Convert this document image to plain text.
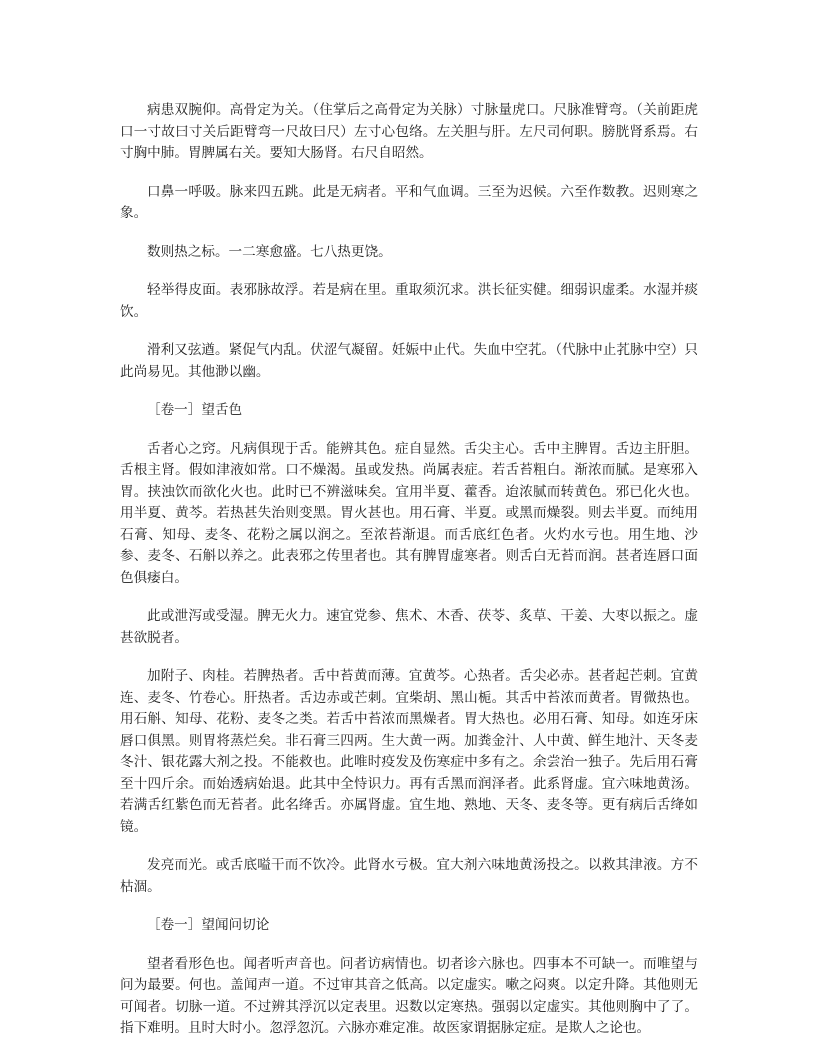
病患双腕仰。高骨定为关。（住掌后之高骨定为关脉）寸脉量虎口。尺脉准臂弯。（关前距虎口一寸故曰寸关后距臂弯一尺故曰尺）左寸心包络。左关胆与肝。左尺司何职。膀胱肾系焉。右寸胸中肺。胃脾属右关。要知大肠肾。右尺自昭然。

口鼻一呼吸。脉来四五跳。此是无病者。平和气血调。三至为迟候。六至作数教。迟则寒之象。

数则热之标。一二寒愈盛。七八热更饶。

轻举得皮面。表邪脉故浮。若是病在里。重取须沉求。洪长征实健。细弱识虚柔。水湿并痰饮。

滑利又弦遒。紧促气内乱。伏涩气凝留。妊娠中止代。失血中空芤。（代脉中止芤脉中空）只此尚易见。其他渺以幽。

［卷一］望舌色

舌者心之窍。凡病俱现于舌。能辨其色。症自显然。舌尖主心。舌中主脾胃。舌边主肝胆。舌根主肾。假如津液如常。口不燥渴。虽或发热。尚属表症。若舌苔粗白。渐浓而腻。是寒邪入胃。挟浊饮而欲化火也。此时已不辨滋味矣。宜用半夏、藿香。迨浓腻而转黄色。邪已化火也。用半夏、黄芩。若热甚失治则变黑。胃火甚也。用石膏、半夏。或黑而燥裂。则去半夏。而纯用石膏、知母、麦冬、花粉之属以润之。至浓苔渐退。而舌底红色者。火灼水亏也。用生地、沙参、麦冬、石斛以养之。此表邪之传里者也。其有脾胃虚寒者。则舌白无苔而润。甚者连唇口面色俱痿白。

此或泄泻或受湿。脾无火力。速宜党参、焦术、木香、茯苓、炙草、干姜、大枣以振之。虚甚欲脱者。

加附子、肉桂。若脾热者。舌中苔黄而薄。宜黄芩。心热者。舌尖必赤。甚者起芒刺。宜黄连、麦冬、竹卷心。肝热者。舌边赤或芒刺。宜柴胡、黑山栀。其舌中苔浓而黄者。胃微热也。用石斛、知母、花粉、麦冬之类。若舌中苔浓而黑燥者。胃大热也。必用石膏、知母。如连牙床唇口俱黑。则胃将蒸烂矣。非石膏三四两。生大黄一两。加粪金汁、人中黄、鲜生地汁、天冬麦冬汁、银花露大剂之投。不能救也。此唯时疫发及伤寒症中多有之。余尝治一独子。先后用石膏至十四斤余。而始透病始退。此其中全恃识力。再有舌黑而润泽者。此系肾虚。宜六味地黄汤。若满舌红紫色而无苔者。此名绛舌。亦属肾虚。宜生地、熟地、天冬、麦冬等。更有病后舌绛如镜。

发亮而光。或舌底嗌干而不饮冷。此肾水亏极。宜大剂六味地黄汤投之。以救其津液。方不枯涸。

［卷一］望闻问切论

望者看形色也。闻者听声音也。问者访病情也。切者诊六脉也。四事本不可缺一。而唯望与问为最要。何也。盖闻声一道。不过审其音之低高。以定虚实。嗽之闷爽。以定升降。其他则无可闻者。切脉一道。不过辨其浮沉以定表里。迟数以定寒热。强弱以定虚实。其他则胸中了了。指下难明。且时大时小。忽浮忽沉。六脉亦难定准。故医家谓据脉定症。是欺人之论也。
